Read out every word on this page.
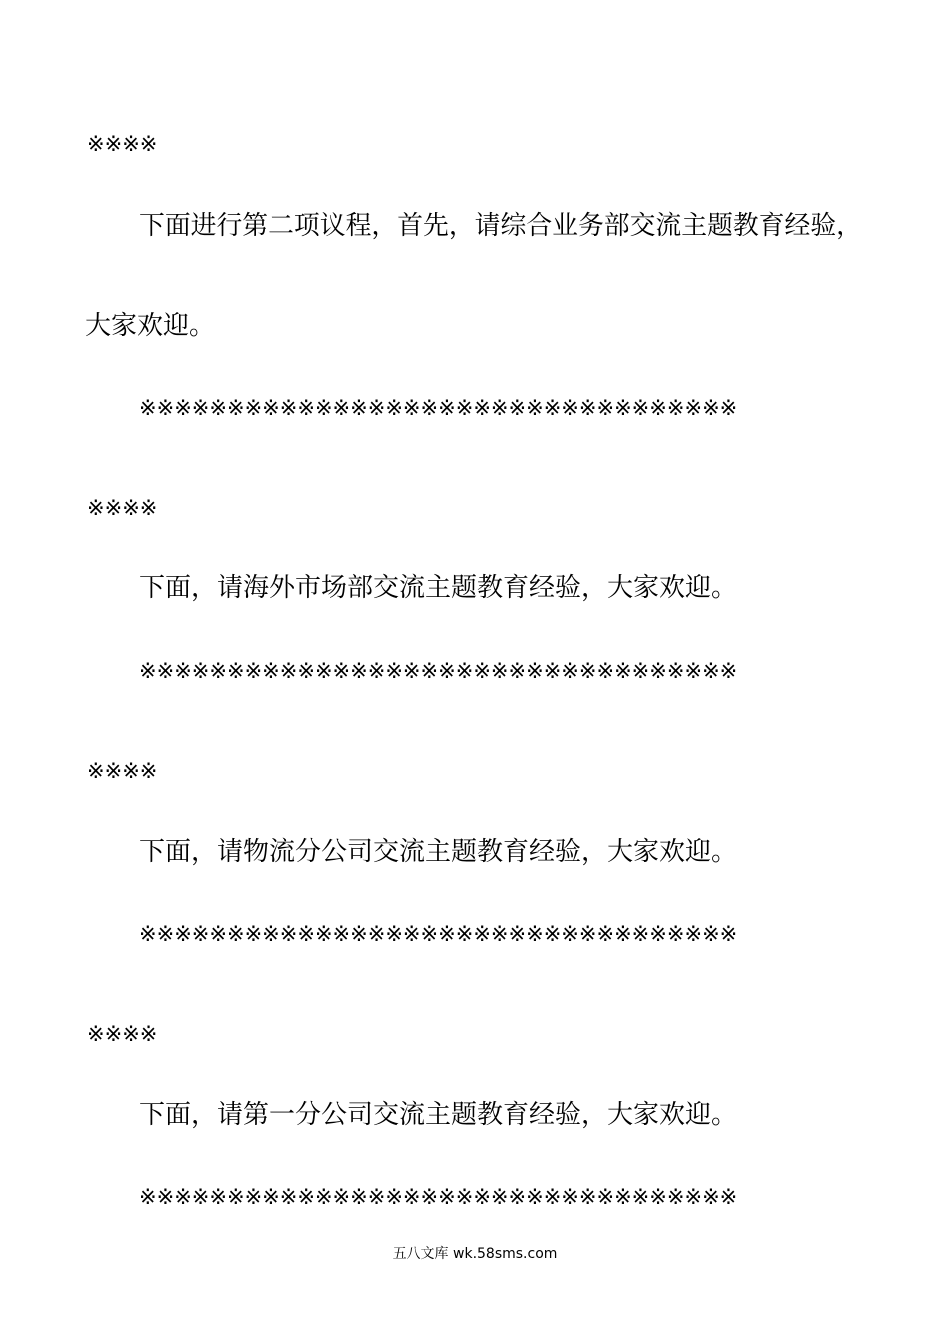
※※※※
下面进行第二项议程，首先，请综合业务部交流主题教育经验，
大家欢迎。
※※※※※※※※※※※※※※※※※※※※※※※※※※※※※※※※※※
※※※※
下面，请海外市场部交流主题教育经验，大家欢迎。
※※※※※※※※※※※※※※※※※※※※※※※※※※※※※※※※※※
※※※※
下面，请物流分公司交流主题教育经验，大家欢迎。
※※※※※※※※※※※※※※※※※※※※※※※※※※※※※※※※※※
※※※※
下面，请第一分公司交流主题教育经验，大家欢迎。
※※※※※※※※※※※※※※※※※※※※※※※※※※※※※※※※※※
五八文库 wk.58sms.com
